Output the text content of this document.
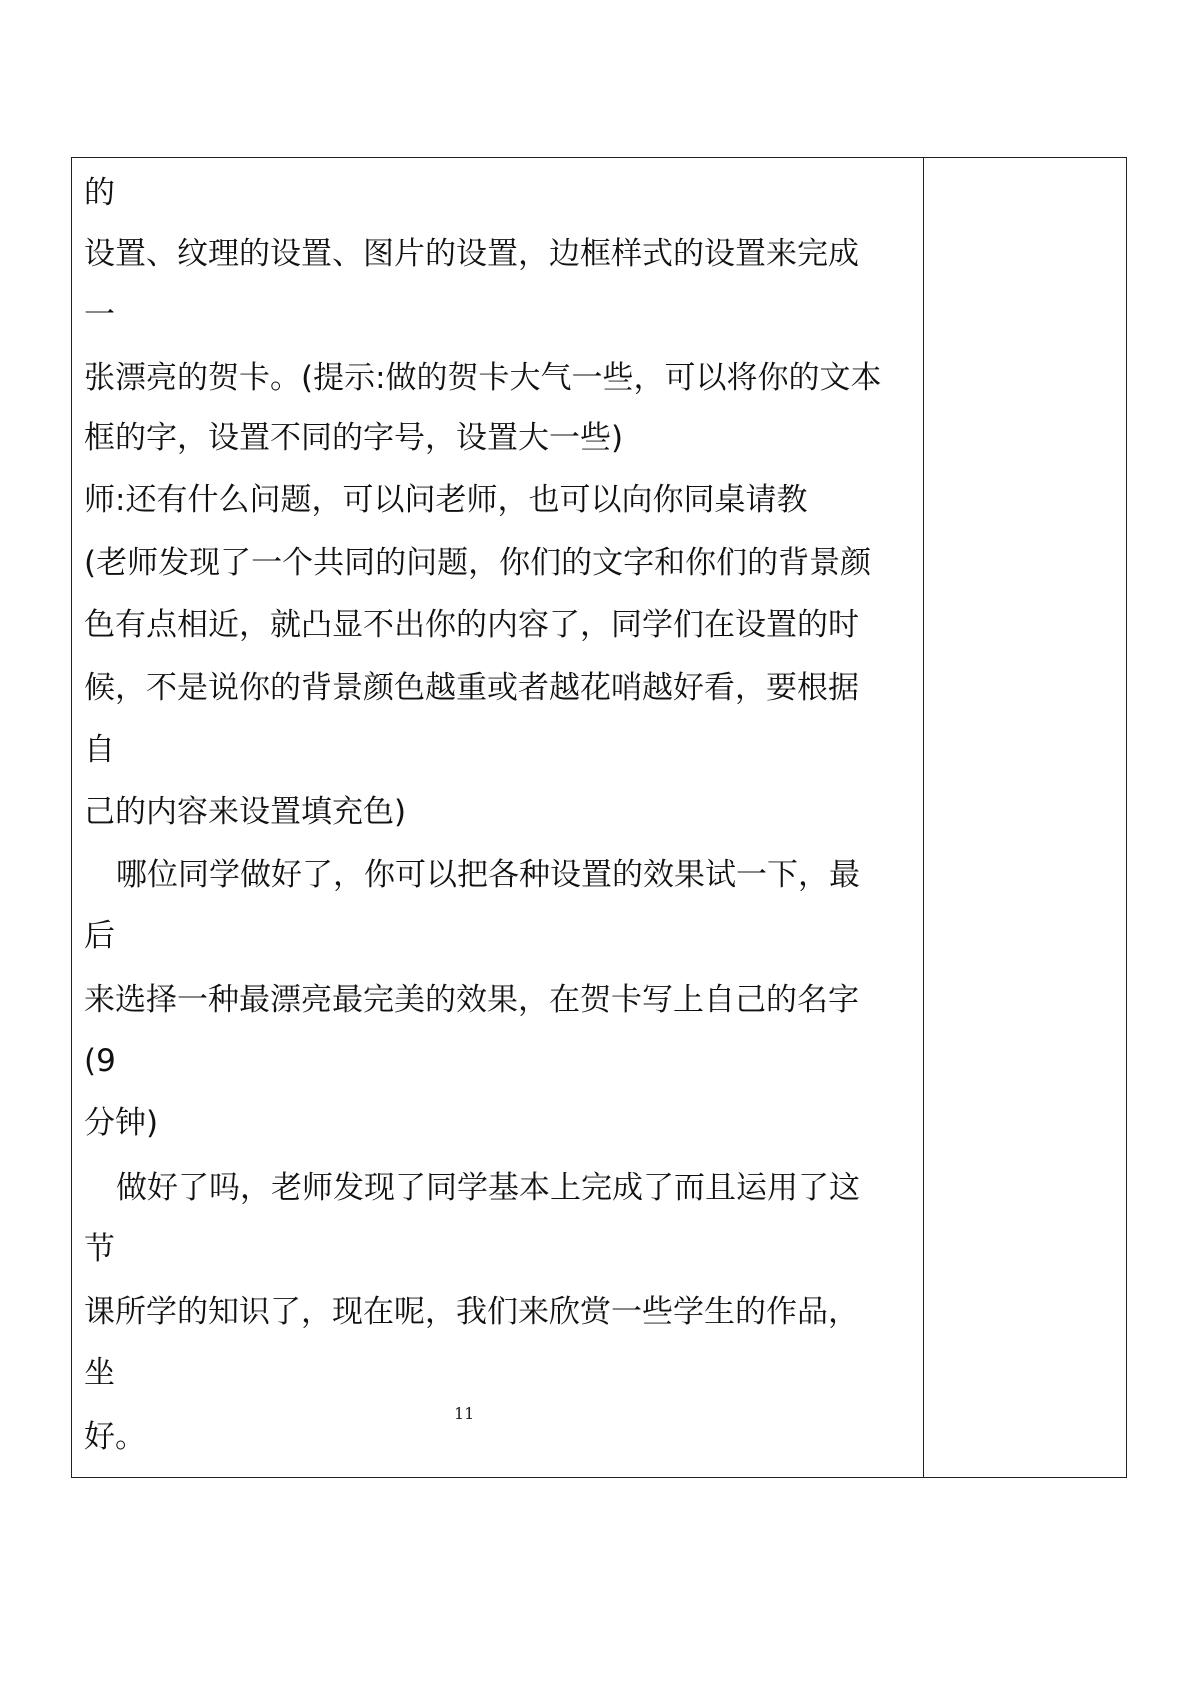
的

设置、纹理的设置、图片的设置，边框样式的设置来完成

一

张漂亮的贺卡。(提示:做的贺卡大气一些，可以将你的文本

框的字，设置不同的字号，设置大一些)

师:还有什么问题，可以问老师，也可以向你同桌请教

(老师发现了一个共同的问题，你们的文字和你们的背景颜

色有点相近，就凸显不出你的内容了，同学们在设置的时

候，不是说你的背景颜色越重或者越花哨越好看，要根据

自

己的内容来设置填充色)

哪位同学做好了，你可以把各种设置的效果试一下，最

后

来选择一种最漂亮最完美的效果，在贺卡写上自己的名字

(9

分钟)

做好了吗，老师发现了同学基本上完成了而且运用了这

节

课所学的知识了，现在呢，我们来欣赏一些学生的作品，

坐

好。

11
